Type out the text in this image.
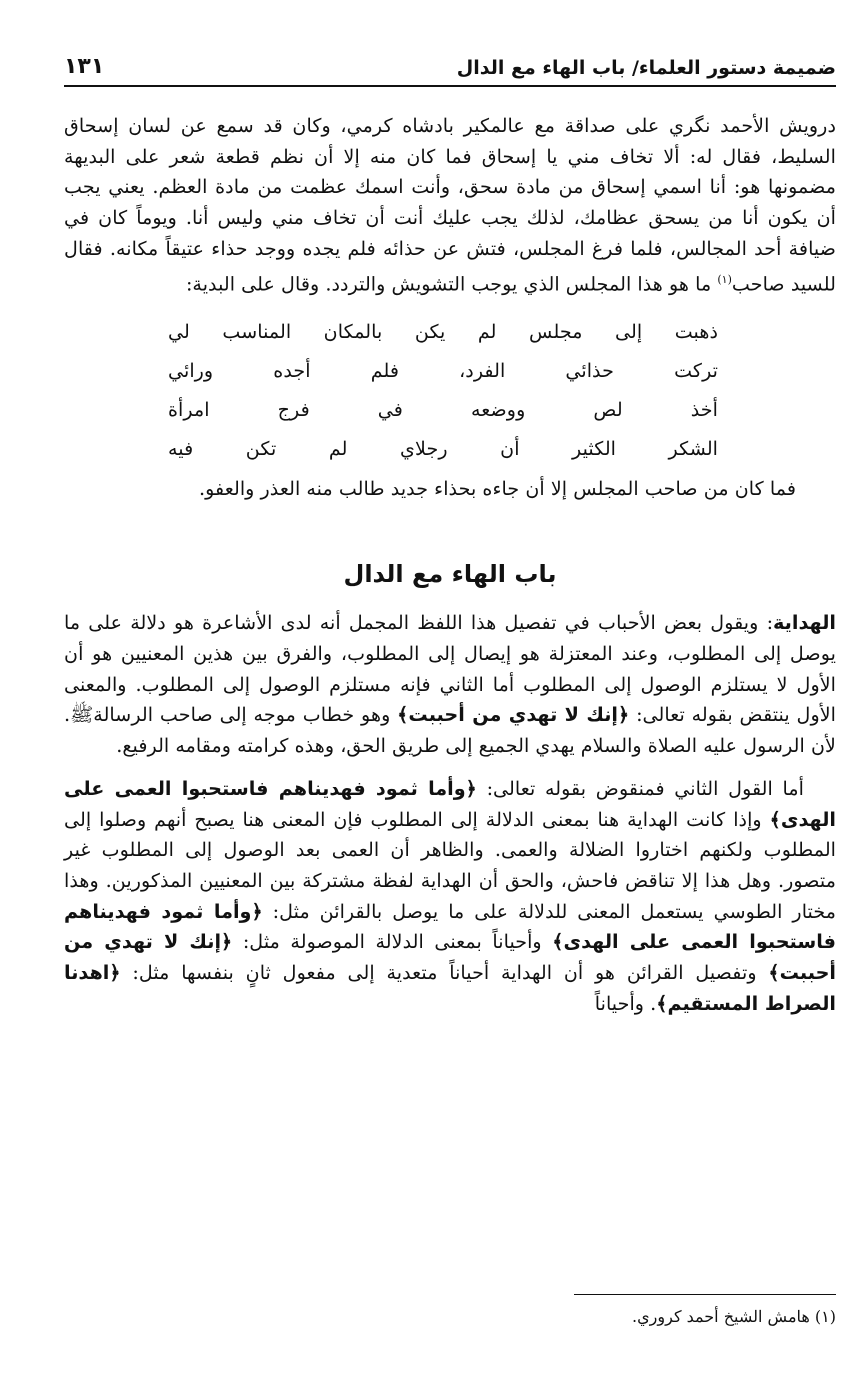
ضميمة دستور العلماء/ باب الهاء مع الدال
١٣١

درويش الأحمد نگري على صداقة مع عالمكير بادشاه كرمي، وكان قد سمع عن لسان إسحاق السليط، فقال له: ألا تخاف مني يا إسحاق فما كان منه إلا أن نظم قطعة شعر على البديهة مضمونها هو: أنا اسمي إسحاق من مادة سحق، وأنت اسمك عظمت من مادة العظم. يعني يجب أن يكون أنا من يسحق عظامك، لذلك يجب عليك أنت أن تخاف مني وليس أنا. ويوماً كان في ضيافة أحد المجالس، فلما فرغ المجلس، فتش عن حذائه فلم يجده ووجد حذاء عتيقاً مكانه. فقال للسيد صاحب$^{(١)}$ ما هو هذا المجلس الذي يوجب التشويش والتردد. وقال على البدية:

ذهبت إلى مجلس لم يكن بالمكان المناسب لي
تركت حذائي الفرد، فلم أجده ورائي
أخذ لص ووضعه في فرج امرأة
الشكر الكثير أن رجلاي لم تكن فيه

فما كان من صاحب المجلس إلا أن جاءه بحذاء جديد طالب منه العذر والعفو.

باب الهاء مع الدال

الهداية: ويقول بعض الأحباب في تفصيل هذا اللفظ المجمل أنه لدى الأشاعرة هو دلالة على ما يوصل إلى المطلوب، وعند المعتزلة هو إيصال إلى المطلوب، والفرق بين هذين المعنيين هو أن الأول لا يستلزم الوصول إلى المطلوب أما الثاني فإنه مستلزم الوصول إلى المطلوب. والمعنى الأول ينتقض بقوله تعالى: ﴿إنك لا تهدي من أحببت﴾ وهو خطاب موجه إلى صاحب الرسالةﷺ. لأن الرسول عليه الصلاة والسلام يهدي الجميع إلى طريق الحق، وهذه كرامته ومقامه الرفيع.

أما القول الثاني فمنقوض بقوله تعالى: ﴿وأما ثمود فهديناهم فاستحبوا العمى على الهدى﴾ وإذا كانت الهداية هنا بمعنى الدلالة إلى المطلوب فإن المعنى هنا يصبح أنهم وصلوا إلى المطلوب ولكنهم اختاروا الضلالة والعمى. والظاهر أن العمى بعد الوصول إلى المطلوب غير متصور. وهل هذا إلا تناقض فاحش، والحق أن الهداية لفظة مشتركة بين المعنيين المذكورين. وهذا مختار الطوسي يستعمل المعنى للدلالة على ما يوصل بالقرائن مثل: ﴿وأما ثمود فهديناهم فاستحبوا العمى على الهدى﴾ وأحياناً بمعنى الدلالة الموصولة مثل: ﴿إنك لا تهدي من أحببت﴾ وتفصيل القرائن هو أن الهداية أحياناً متعدية إلى مفعول ثانٍ بنفسها مثل: ﴿اهدنا الصراط المستقيم﴾. وأحياناً

(١) هامش الشيخ أحمد كروري.
